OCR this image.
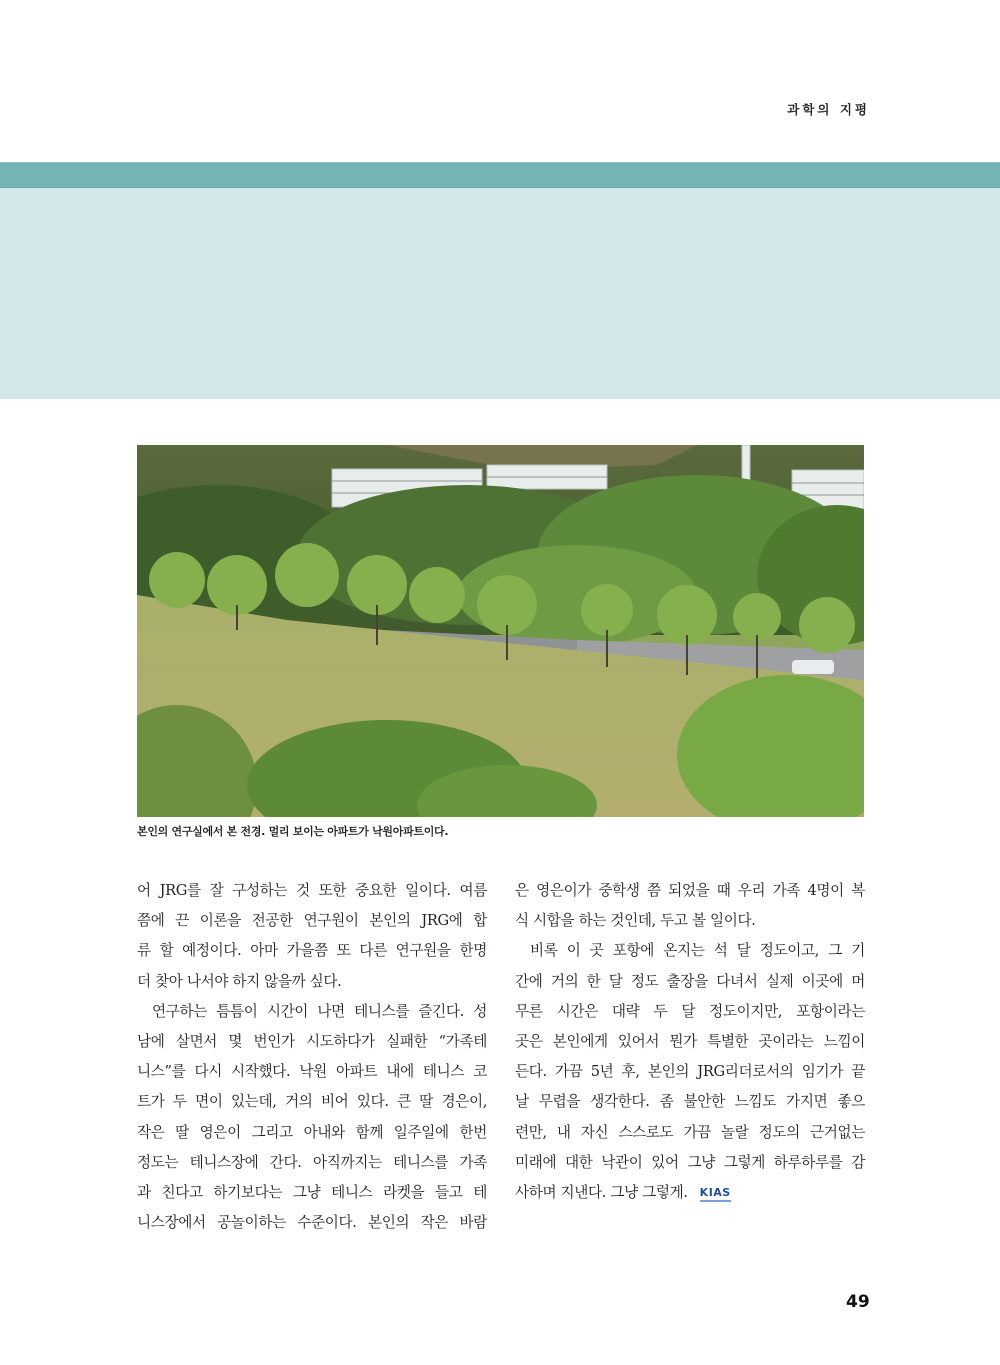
과학의 지평
본인의 연구실에서 본 전경. 멀리 보이는 아파트가 낙원아파트이다.
어 JRG를 잘 구성하는 것 또한 중요한 일이다. 여름
쯤에 끈 이론을 전공한 연구원이 본인의 JRG에 합
류 할 예정이다. 아마 가을쯤 또 다른 연구원을 한명
더 찾아 나서야 하지 않을까 싶다.
연구하는 틈틈이 시간이 나면 테니스를 즐긴다. 성
남에 살면서 몇 번인가 시도하다가 실패한 “가족테
니스”를 다시 시작했다. 낙원 아파트 내에 테니스 코
트가 두 면이 있는데, 거의 비어 있다. 큰 딸 경은이,
작은 딸 영은이 그리고 아내와 함께 일주일에 한번
정도는 테니스장에 간다. 아직까지는 테니스를 가족
과 친다고 하기보다는 그냥 테니스 라켓을 들고 테
니스장에서 공놀이하는 수준이다. 본인의 작은 바람
은 영은이가 중학생 쯤 되었을 때 우리 가족 4명이 복
식 시합을 하는 것인데, 두고 볼 일이다.
비록 이 곳 포항에 온지는 석 달 정도이고, 그 기
간에 거의 한 달 정도 출장을 다녀서 실제 이곳에 머
무른 시간은 대략 두 달 정도이지만, 포항이라는
곳은 본인에게 있어서 뭔가 특별한 곳이라는 느낌이
든다. 가끔 5년 후, 본인의 JRG리더로서의 임기가 끝
날 무렵을 생각한다. 좀 불안한 느낌도 가지면 좋으
련만, 내 자신 스스로도 가끔 놀랄 정도의 근거없는
미래에 대한 낙관이 있어 그냥 그렇게 하루하루를 감
사하며 지낸다. 그냥 그렇게. KIAS
49
